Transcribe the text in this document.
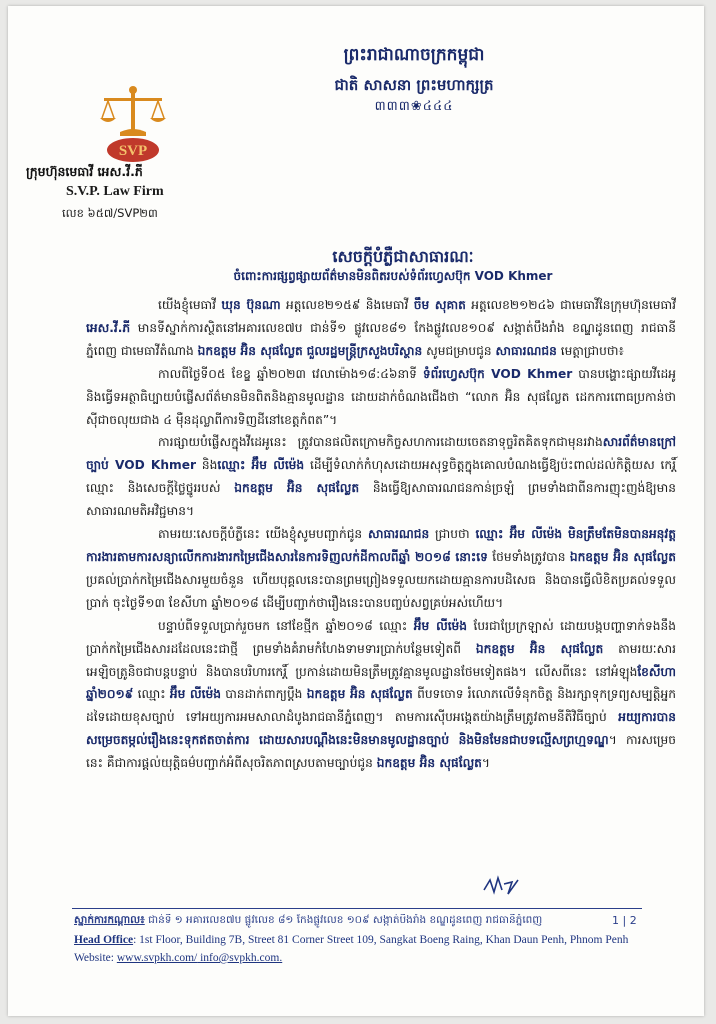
SVP
ក្រុមហ៊ុនមេធាវី អេស.វី.ភី
S.V.P. Law Firm
លេខ ៦៥៧/SVP២៣
ព្រះរាជាណាចក្រកម្ពុជា
ជាតិ សាសនា ព្រះមហាក្សត្រ
៣៣៣❀៤៤៤
សេចក្តីបំភ្លឺជាសាធារណៈ
ចំពោះការផ្សព្វផ្សាយព័ត៌មានមិនពិតរបស់ទំព័រហ្វេសប៊ុក VOD Khmer

យើងខ្ញុំមេធាវី ឃុន ប៊ុនណា អត្តលេខ២១៥៩ និងមេធាវី ចឹម សុគាត អត្តលេខ២១២៤៦ ជាមេធាវីនៃក្រុមហ៊ុនមេធាវី អេស.វី.ភី មានទីស្នាក់ការស្ថិតនៅអគារលេខ៧ប ជាន់ទី១ ផ្លូវលេខ៨១ កែងផ្លូវលេខ១០៩ សង្កាត់បឹងរាំង ខណ្ឌដូនពេញ រាជធានីភ្នំពេញ ជាមេធាវីតំណាង ឯកឧត្តម អ៊ិន សុផល្លែត ជួលរដ្ឋមន្ត្រីក្រសួងបរិស្ថាន សូមជម្រាបជូន សាធារណជន មេត្តាជ្រាបថា៖

កាលពីថ្ងៃទី០៥ ខែឧ្ឌ ឆ្នាំ២០២៣ វេលាម៉ោង១៨:៤៦នាទី ទំព័រហ្វេសប៊ុក VOD Khmer បានបង្ហោះផ្សាយវីដេអូ និងធ្វើទអត្ថាធិប្បាយបំផ្លើសព័ត៌មានមិនពិតនិងគ្មានមូលដ្ឋាន ដោយដាក់ចំណងជើងថា “លោក អ៊ិន សុផល្លែត ដេកការពោធប្រកាន់ថា ស៊ីជាចលុយជាង ៤ ម៉ឺនដុល្លាពីការទិញដីនៅខេត្តកំពត”។

ការផ្សាយបំផ្លើសក្នុងវីដេអូនេះ ត្រូវបានផលិតក្រោមកិច្ចសហការដោយចេតនាទុច្ចរិតគិតទុកជាមុនរវាងសារព័ត៌មានក្រៅច្បាប់ VOD Khmer និងឈ្មោះ អ៊ឹម លីម៉េង ដើម្បីទំលាក់កំហុសដោយអសុទ្ធចិត្តក្នុងគោលបំណងធ្វើឱ្យប៉ះពាល់ដល់កិត្តិយស កេរ្តិ៍ឈ្មោះ និងសេចក្តីថ្លៃថ្នូររបស់ ឯកឧត្តម អ៊ិន សុផល្លែត និងធ្វើឱ្យសាធារណជនកាន់ច្រឡំ ព្រមទាំងជាពីនការញុះញង់ឱ្យមានសាធារណមតិអវិជ្ជមាន។

តាមរយៈសេចក្តីបំភ្លឺនេះ យើងខ្ញុំសូមបញ្ជាក់ជូន សាធារណជន ជ្រាបថា ឈ្មោះ អ៊ឹម លីម៉េង មិនត្រឹមតែមិនបានអនុវត្តការងារតាមការសន្យាលើកការងារកម្រៃជើងសារនៃការទិញលក់ដីកាលពីឆ្នាំ ២០១៨ នោះទេ ថែមទាំងត្រូវបាន ឯកឧត្តម អ៊ិន សុផល្លែត ប្រគល់ប្រាក់កម្រៃជើងសារមួយចំនួន ហើយបុគ្គលនេះបានព្រមព្រៀងទទួលយកដោយគ្មានការបដិសេធ និងបានធ្វើលិខិតប្រគល់ទទួលប្រាក់ ចុះថ្ងៃទី១៣ ខែសីហា ឆ្នាំ២០១៨ ដើម្បីបញ្ជាក់ថារឿងនេះបានបញ្ចប់សព្វគ្រប់អស់ហើយ។

បន្ទាប់ពីទទួលប្រាក់រួចមក នៅខែថ្មីក ឆ្នាំ២០១៨ ឈ្មោះ អ៊ឹម លីម៉េង បែរជាប្រែក្រឡាស់ ដោយបង្កបញ្ហាទាក់ទងនឹងប្រាក់កម្រៃជើងសារដដែលនេះជាថ្មី ព្រមទាំងគំរាមកំហែងទាមទារប្រាក់បន្ថែមទៀតពី ឯកឧត្តម អ៊ិន សុផល្លែត តាមរយៈសារអេឡិចត្រូនិចជាបន្តបន្ទាប់ និងបានបរិហារកេរ្តិ៍ ប្រកាន់ដោយមិនត្រឹមត្រូវគ្មានមូលដ្ឋានថែមទៀតផង។ លើសពីនេះ នៅអំឡុងខែសីហា ឆ្នាំ២០១៩ ឈ្មោះ អ៊ឹម លីម៉េង បានដាក់ពាក្យប្តឹង ឯកឧត្តម អ៊ិន សុផល្លែត ពីបទចោទ រំលោភលើទំនុកចិត្ត និងរក្សាទុកទ្រព្យសម្បត្តិអ្នកដទៃដោយខុសច្បាប់ ទៅអយ្យការអមសាលាដំបូងរាជធានីភ្នំពេញ។ តាមការស៊ើបអង្កេតយ៉ាងត្រឹមត្រូវតាមនីតិវិធីច្បាប់ អយ្យការបានសម្រេចតម្កល់រឿងនេះទុកឥតចាត់ការ ដោយសារបណ្តឹងនេះមិនមានមូលដ្ឋានច្បាប់ និងមិនមែនជាបទល្មើសព្រហ្មទណ្ឌ។ ការសម្រេចនេះ គឺជាការផ្តល់យុត្តិធម៌បញ្ជាក់អំពីសុចរិតភាពស្របតាមច្បាប់ជូន ឯកឧត្តម អ៊ិន សុផល្លែត។

ស្នាក់ការកណ្តាល៖ ជាន់ទី ១ អគារលេខ៧ប ផ្លូវលេខ ៨១ កែងផ្លូវលេខ ១០៩ សង្កាត់បឹងរាំង ខណ្ឌដូនពេញ រាជធានីភ្នំពេញ	1 | 2
Head Office: 1st Floor, Building 7B, Street 81 Corner Street 109, Sangkat Boeng Raing, Khan Daun Penh, Phnom Penh
Website: www.svpkh.com/ info@svpkh.com.
